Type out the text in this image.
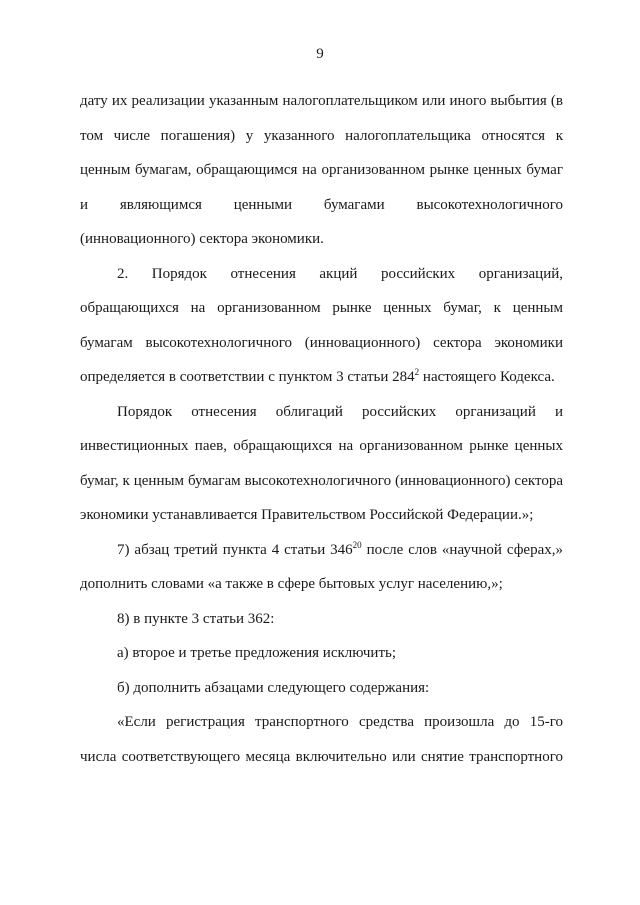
9

дату их реализации указанным налогоплательщиком или иного выбытия (в том числе погашения) у указанного налогоплательщика относятся к ценным бумагам, обращающимся на организованном рынке ценных бумаг и являющимся ценными бумагами высокотехнологичного (инновационного) сектора экономики.

2. Порядок отнесения акций российских организаций, обращающихся на организованном рынке ценных бумаг, к ценным бумагам высокотехнологичного (инновационного) сектора экономики определяется в соответствии с пунктом 3 статьи $284^2$ настоящего Кодекса.

Порядок отнесения облигаций российских организаций и инвестиционных паев, обращающихся на организованном рынке ценных бумаг, к ценным бумагам высокотехнологичного (инновационного) сектора экономики устанавливается Правительством Российской Федерации.»;

7) абзац третий пункта 4 статьи $346^{20}$ после слов «научной сферах,» дополнить словами «а также в сфере бытовых услуг населению,»;

8) в пункте 3 статьи 362:

а) второе и третье предложения исключить;

б) дополнить абзацами следующего содержания:

«Если регистрация транспортного средства произошла до 15-го числа соответствующего месяца включительно или снятие транспортного
